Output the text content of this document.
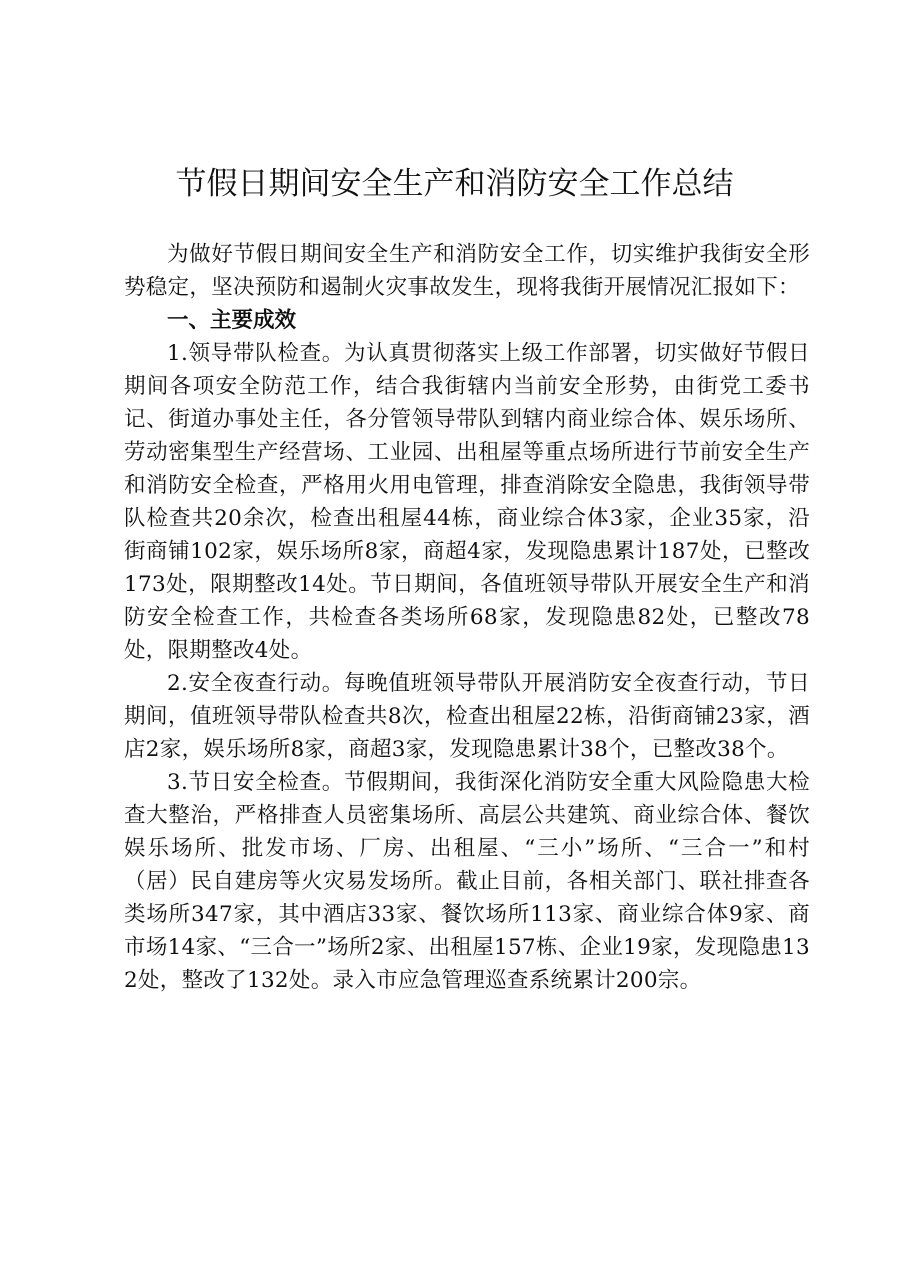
节假日期间安全生产和消防安全工作总结

为做好节假日期间安全生产和消防安全工作，切实维护我街安全形势稳定，坚决预防和遏制火灾事故发生，现将我街开展情况汇报如下：

一、主要成效

1.领导带队检查。为认真贯彻落实上级工作部署，切实做好节假日期间各项安全防范工作，结合我街辖内当前安全形势，由街党工委书记、街道办事处主任，各分管领导带队到辖内商业综合体、娱乐场所、劳动密集型生产经营场、工业园、出租屋等重点场所进行节前安全生产和消防安全检查，严格用火用电管理，排查消除安全隐患，我街领导带队检查共20余次，检查出租屋44栋，商业综合体3家，企业35家，沿街商铺102家，娱乐场所8家，商超4家，发现隐患累计187处，已整改173处，限期整改14处。节日期间，各值班领导带队开展安全生产和消防安全检查工作，共检查各类场所68家，发现隐患82处，已整改78处，限期整改4处。

2.安全夜查行动。每晚值班领导带队开展消防安全夜查行动，节日期间，值班领导带队检查共8次，检查出租屋22栋，沿街商铺23家，酒店2家，娱乐场所8家，商超3家，发现隐患累计38个，已整改38个。

3.节日安全检查。节假期间，我街深化消防安全重大风险隐患大检查大整治，严格排查人员密集场所、高层公共建筑、商业综合体、餐饮娱乐场所、批发市场、厂房、出租屋、“三小”场所、“三合一”和村（居）民自建房等火灾易发场所。截止目前，各相关部门、联社排查各类场所347家，其中酒店33家、餐饮场所113家、商业综合体9家、商市场14家、“三合一”场所2家、出租屋157栋、企业19家，发现隐患132处，整改了132处。录入市应急管理巡查系统累计200宗。
